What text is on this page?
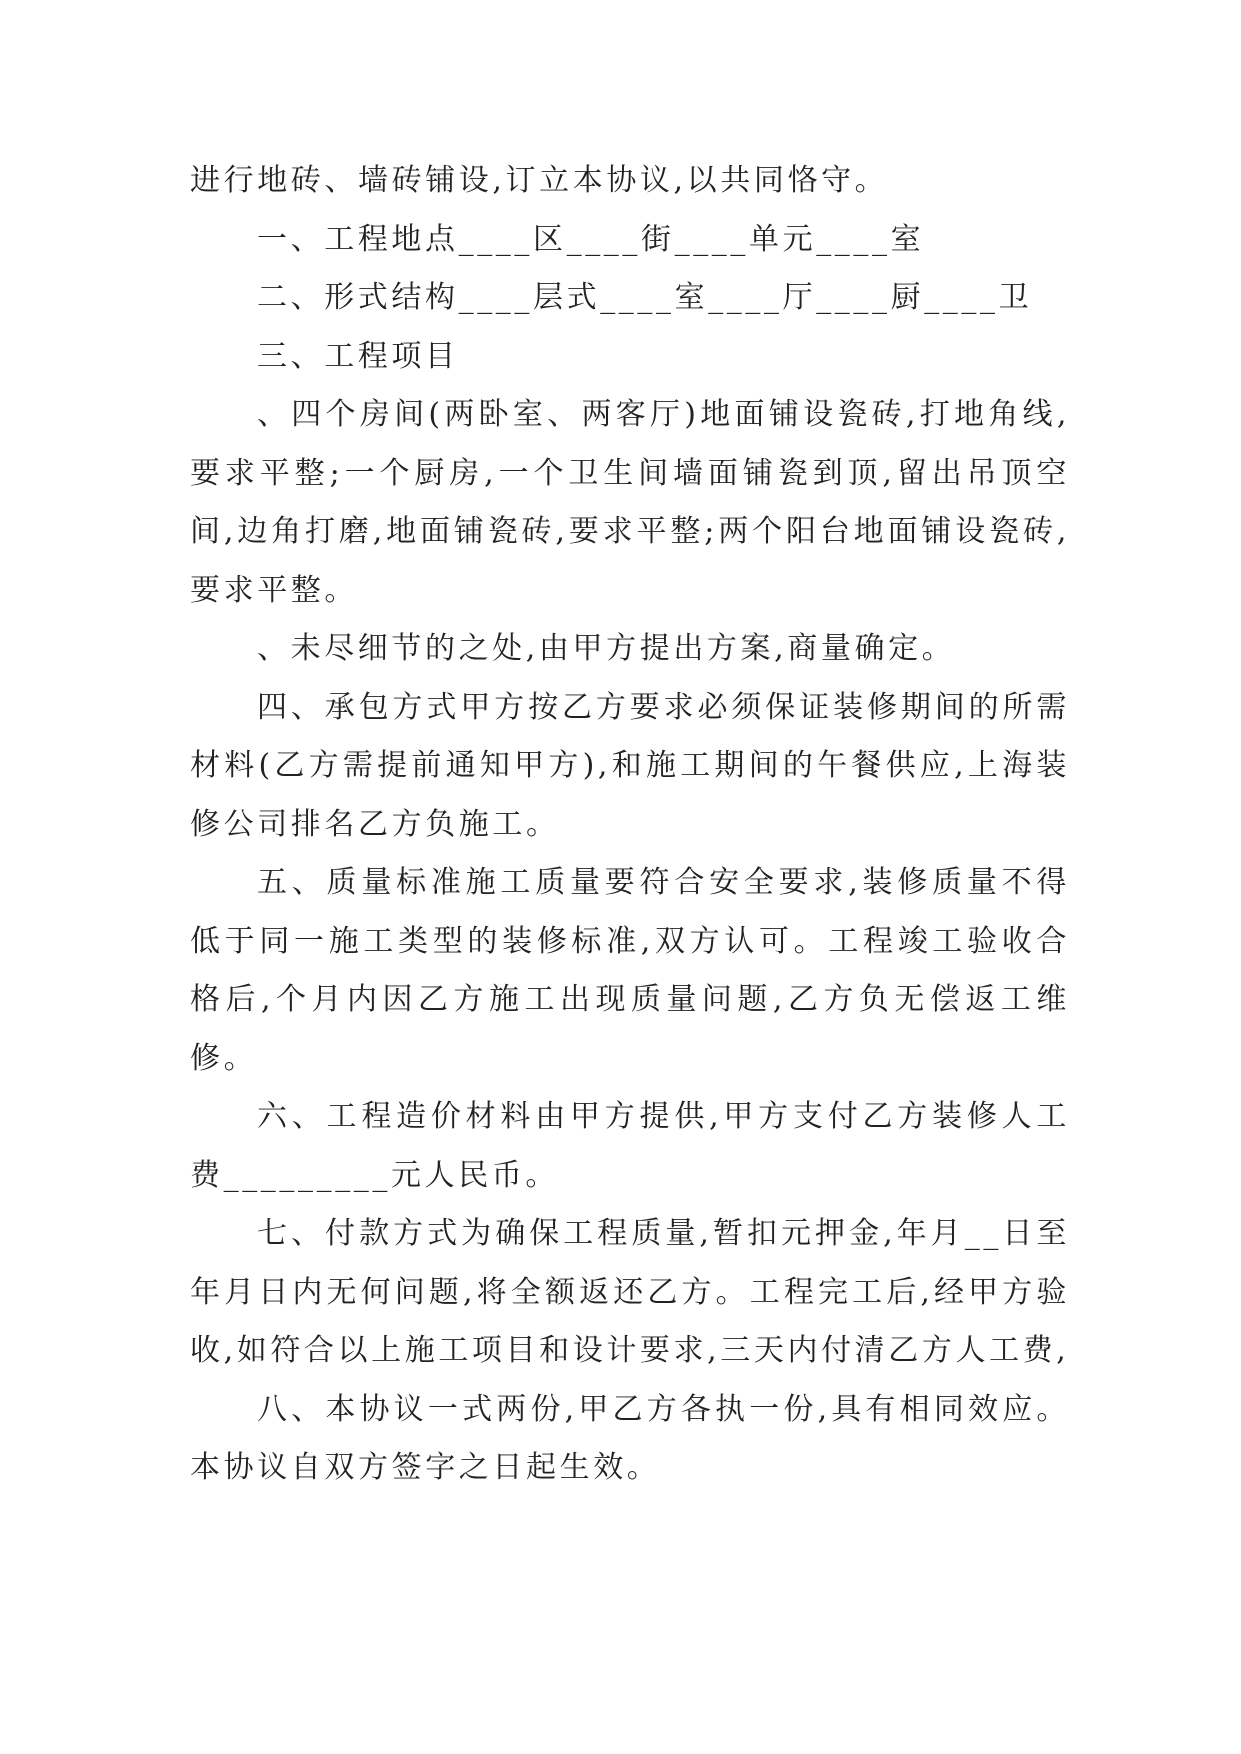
进行地砖、墙砖铺设,订立本协议,以共同恪守。

一、工程地点____区____街____单元____室

二、形式结构____层式____室____厅____厨____卫

三、工程项目

、四个房间(两卧室、两客厅)地面铺设瓷砖,打地角线,要求平整;一个厨房,一个卫生间墙面铺瓷到顶,留出吊顶空间,边角打磨,地面铺瓷砖,要求平整;两个阳台地面铺设瓷砖,要求平整。

、未尽细节的之处,由甲方提出方案,商量确定。

四、承包方式甲方按乙方要求必须保证装修期间的所需材料(乙方需提前通知甲方),和施工期间的午餐供应,上海装修公司排名乙方负施工。

五、质量标准施工质量要符合安全要求,装修质量不得低于同一施工类型的装修标准,双方认可。工程竣工验收合格后,个月内因乙方施工出现质量问题,乙方负无偿返工维修。

六、工程造价材料由甲方提供,甲方支付乙方装修人工费_________元人民币。

七、付款方式为确保工程质量,暂扣元押金,年月__日至年月日内无何问题,将全额返还乙方。工程完工后,经甲方验收,如符合以上施工项目和设计要求,三天内付清乙方人工费,

八、本协议一式两份,甲乙方各执一份,具有相同效应。本协议自双方签字之日起生效。
